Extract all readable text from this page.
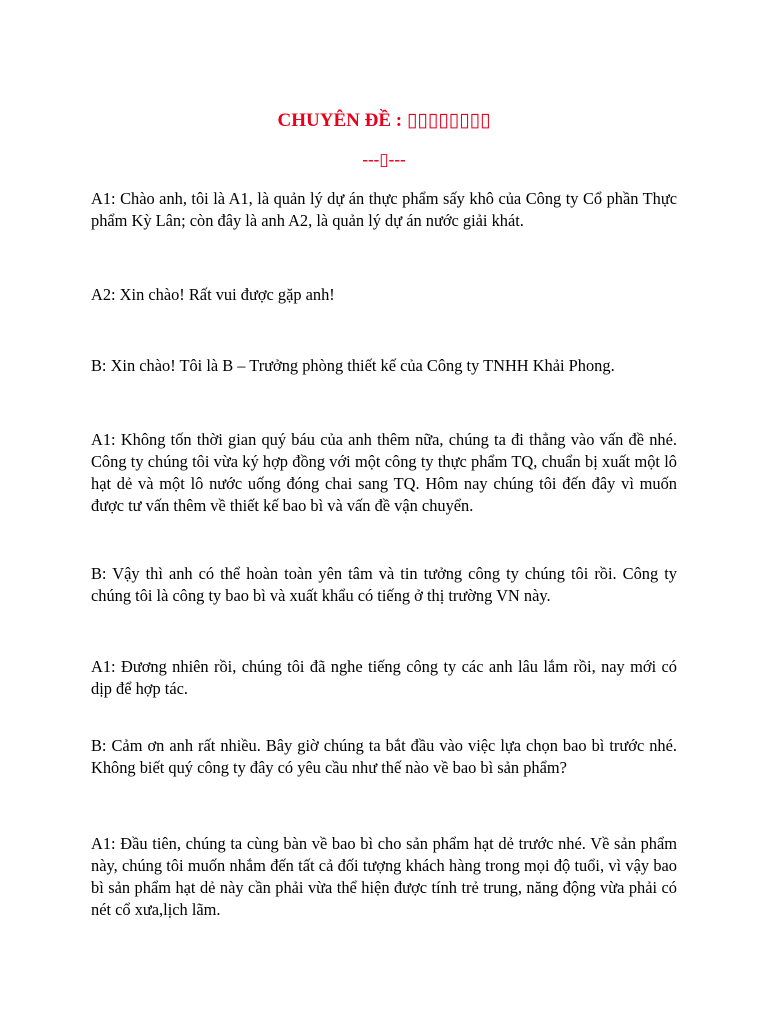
CHUYÊN ĐỀ : ▯▯▯▯▯▯▯▯
---▯---

A1: Chào anh, tôi là A1, là quản lý dự án thực phẩm sấy khô của Công ty Cổ phần Thực phẩm Kỳ Lân; còn đây là anh A2, là quản lý dự án nước giải khát.

A2: Xin chào! Rất vui được gặp anh!

B: Xin chào! Tôi là B – Trưởng phòng thiết kế của Công ty TNHH Khải Phong.

A1: Không tốn thời gian quý báu của anh thêm nữa, chúng ta đi thẳng vào vấn đề nhé. Công ty chúng tôi vừa ký hợp đồng với một công ty thực phẩm TQ, chuẩn bị xuất một lô hạt dẻ và một lô nước uống đóng chai sang TQ. Hôm nay chúng tôi đến đây vì muốn được tư vấn thêm về thiết kế bao bì và vấn đề vận chuyển.

B: Vậy thì anh có thể hoàn toàn yên tâm và tin tưởng công ty chúng tôi rồi. Công ty chúng tôi là công ty bao bì và xuất khẩu có tiếng ở thị trường VN này.

A1: Đương nhiên rồi, chúng tôi đã nghe tiếng công ty các anh lâu lắm rồi, nay mới có dịp để hợp tác.

B: Cảm ơn anh rất nhiều. Bây giờ chúng ta bắt đầu vào việc lựa chọn bao bì trước nhé. Không biết quý công ty đây có yêu cầu như thế nào về bao bì sản phẩm?

A1: Đầu tiên, chúng ta cùng bàn về bao bì cho sản phẩm hạt dẻ trước nhé. Về sản phẩm này, chúng tôi muốn nhắm đến tất cả đối tượng khách hàng trong mọi độ tuổi, vì vậy bao bì sản phẩm hạt dẻ này cần phải vừa thể hiện được tính trẻ trung, năng động vừa phải có nét cổ xưa,lịch lãm.
